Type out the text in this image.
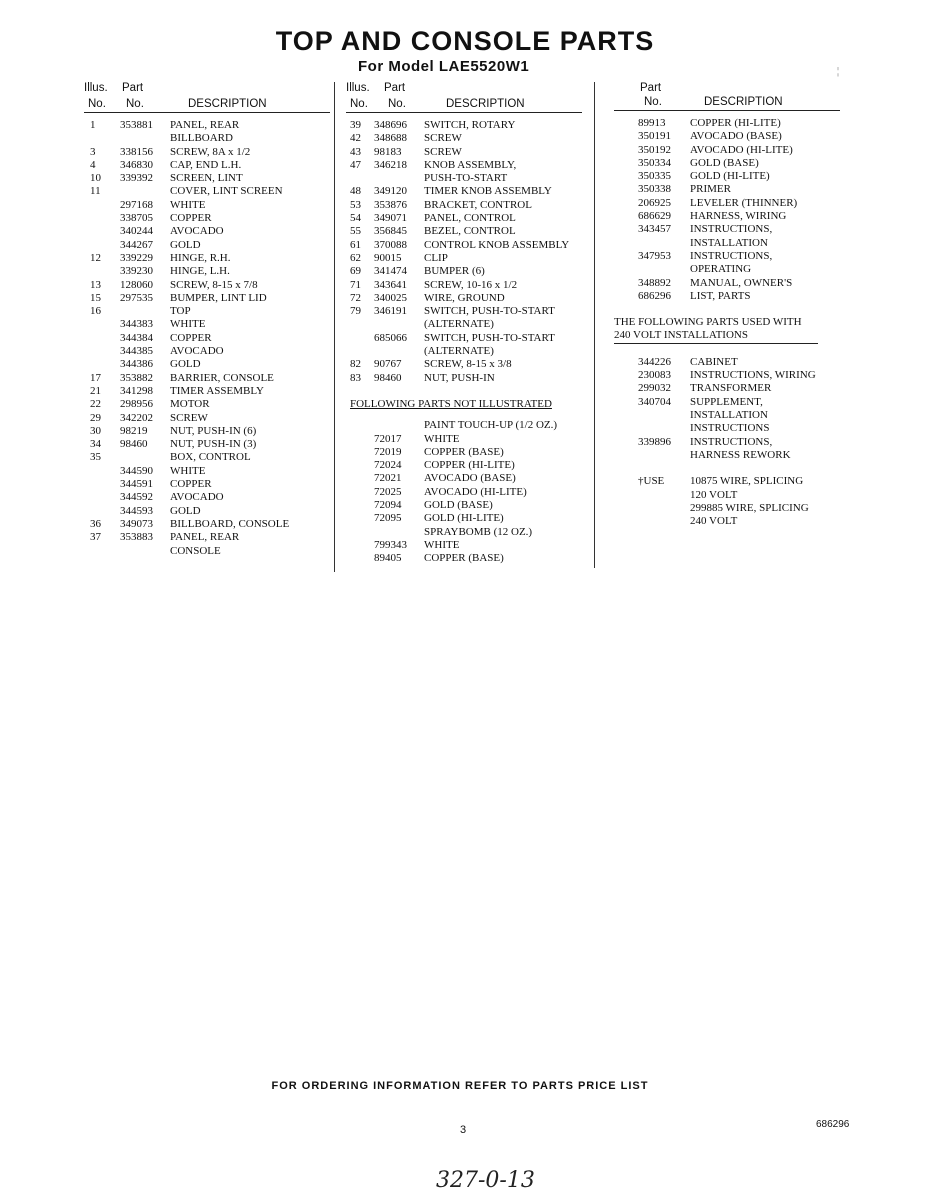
TOP AND CONSOLE PARTS
For Model LAE5520W1	¦
Illus. Part
No. No.	DESCRIPTION
1 353881 PANEL, REAR
BILLBOARD
3 338156 SCREW, 8A x 1/2
4 346830 CAP, END L.H.
10 339392 SCREEN, LINT
11	COVER, LINT SCREEN
297168 WHITE
338705 COPPER
340244 AVOCADO
344267 GOLD
12 339229 HINGE, R.H.
339230 HINGE, L.H.
13 128060 SCREW, 8-15 x 7/8
15 297535 BUMPER, LINT LID
16	TOP
344383 WHITE
344384 COPPER
344385 AVOCADO
344386 GOLD
17 353882 BARRIER, CONSOLE
21 341298 TIMER ASSEMBLY
22 298956 MOTOR
29 342202 SCREW
30 98219 NUT, PUSH-IN (6)
34 98460 NUT, PUSH-IN (3)
35	BOX, CONTROL
344590 WHITE
344591 COPPER
344592 AVOCADO
344593 GOLD
36 349073 BILLBOARD, CONSOLE
37 353883 PANEL, REAR
CONSOLE
Illus. Part
No. No.	DESCRIPTION
39 348696 SWITCH, ROTARY
42 348688 SCREW
43 98183 SCREW
47 346218 KNOB ASSEMBLY,
PUSH-TO-START
48 349120 TIMER KNOB ASSEMBLY
53 353876 BRACKET, CONTROL
54 349071 PANEL, CONTROL
55 356845 BEZEL, CONTROL
61 370088 CONTROL KNOB ASSEMBLY
62 90015 CLIP
69 341474 BUMPER (6)
71 343641 SCREW, 10-16 x 1/2
72 340025 WIRE, GROUND
79 346191 SWITCH, PUSH-TO-START
(ALTERNATE)
685066 SWITCH, PUSH-TO-START
(ALTERNATE)
82 90767 SCREW, 8-15 x 3/8
83 98460 NUT, PUSH-IN
FOLLOWING PARTS NOT ILLUSTRATED
PAINT TOUCH-UP (1/2 OZ.)
72017 WHITE
72019 COPPER (BASE)
72024 COPPER (HI-LITE)
72021 AVOCADO (BASE)
72025 AVOCADO (HI-LITE)
72094 GOLD (BASE)
72095 GOLD (HI-LITE)
SPRAYBOMB (12 OZ.)
799343 WHITE
89405 COPPER (BASE)
Part
No.	DESCRIPTION
89913 COPPER (HI-LITE)
350191 AVOCADO (BASE)
350192 AVOCADO (HI-LITE)
350334 GOLD (BASE)
350335 GOLD (HI-LITE)
350338 PRIMER
206925 LEVELER (THINNER)
686629 HARNESS, WIRING
343457 INSTRUCTIONS,
INSTALLATION
347953 INSTRUCTIONS,
OPERATING
348892 MANUAL, OWNER'S
686296 LIST, PARTS
THE FOLLOWING PARTS USED WITH
240 VOLT INSTALLATIONS
344226 CABINET
230083 INSTRUCTIONS, WIRING
299032 TRANSFORMER
340704 SUPPLEMENT,
INSTALLATION
INSTRUCTIONS
339896 INSTRUCTIONS,
HARNESS REWORK
†USE 10875 WIRE, SPLICING
120 VOLT
299885 WIRE, SPLICING
240 VOLT
FOR ORDERING INFORMATION REFER TO PARTS PRICE LIST
3	686296
327-0-13
